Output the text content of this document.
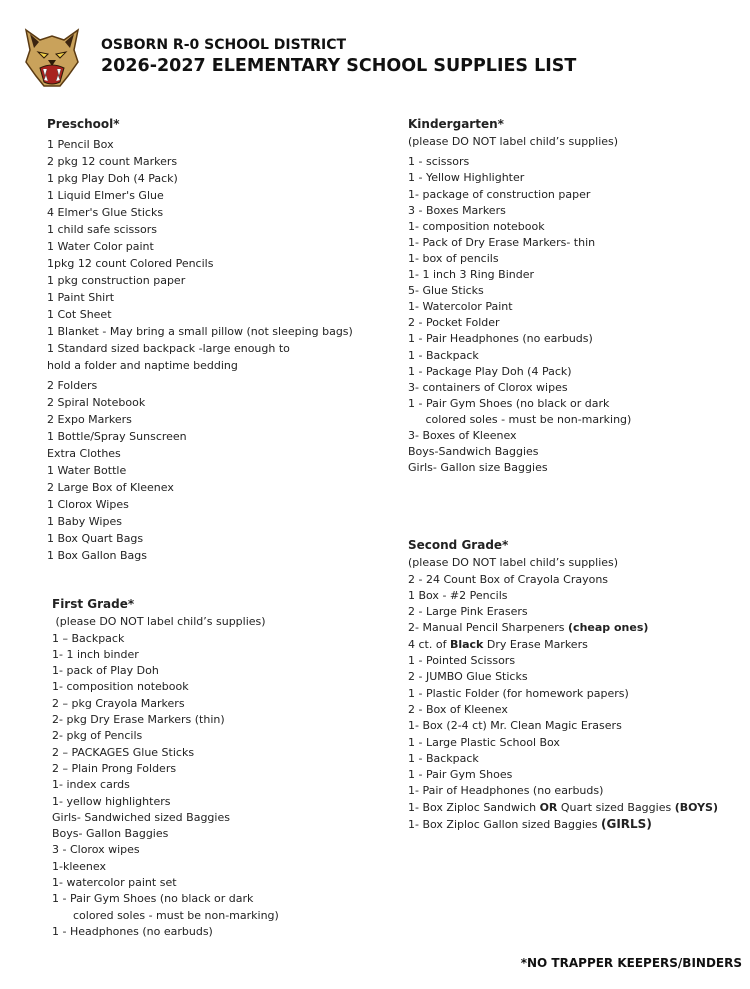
OSBORN R-0 SCHOOL DISTRICT
2026-2027 ELEMENTARY SCHOOL SUPPLIES LIST
Preschool*
1 Pencil Box
2 pkg 12 count Markers
1 pkg Play Doh (4 Pack)
1 Liquid Elmer's Glue
4 Elmer's Glue Sticks
1 child safe scissors
1 Water Color paint
1pkg 12 count Colored Pencils
1 pkg construction paper
1 Paint Shirt
1 Cot Sheet
1 Blanket - May bring a small pillow (not sleeping bags)
1 Standard sized backpack -large enough to hold a folder and naptime bedding
2 Folders
2 Spiral Notebook
2 Expo Markers
1 Bottle/Spray Sunscreen
Extra Clothes
1 Water Bottle
2 Large Box of Kleenex
1 Clorox Wipes
1 Baby Wipes
1 Box Quart Bags
1 Box Gallon Bags
Kindergarten*
(please DO NOT label child’s supplies)
1 - scissors
1 - Yellow Highlighter
1- package of construction paper
3 - Boxes Markers
1- composition notebook
1- Pack of Dry Erase Markers- thin
1- box of pencils
1- 1 inch 3 Ring Binder
5- Glue Sticks
1- Watercolor Paint
2 - Pocket Folder
1 - Pair Headphones (no earbuds)
1 - Backpack
1 - Package Play Doh (4 Pack)
3- containers of Clorox wipes
1 - Pair Gym Shoes (no black or dark
colored soles - must be non-marking)
3- Boxes of Kleenex
Boys-Sandwich Baggies
Girls- Gallon size Baggies
First Grade*
(please DO NOT label child’s supplies)
1 – Backpack
1- 1 inch binder
1- pack of Play Doh
1- composition notebook
2 – pkg Crayola Markers
2- pkg Dry Erase Markers (thin)
2- pkg of Pencils
2 – PACKAGES Glue Sticks
2 – Plain Prong Folders
1- index cards
1- yellow highlighters
Girls- Sandwiched sized Baggies
Boys- Gallon Baggies
3 - Clorox wipes
1-kleenex
1- watercolor paint set
1 - Pair Gym Shoes (no black or dark
colored soles - must be non-marking)
1 - Headphones (no earbuds)
Second Grade*
(please DO NOT label child’s supplies)
2 - 24 Count Box of Crayola Crayons
1 Box - #2 Pencils
2 - Large Pink Erasers
2- Manual Pencil Sharpeners (cheap ones)
4 ct. of Black Dry Erase Markers
1 - Pointed Scissors
2 - JUMBO Glue Sticks
1 - Plastic Folder (for homework papers)
2 - Box of Kleenex
1- Box (2-4 ct) Mr. Clean Magic Erasers
1 - Large Plastic School Box
1 - Backpack
1 - Pair Gym Shoes
1- Pair of Headphones (no earbuds)
1- Box Ziploc Sandwich OR Quart sized Baggies (BOYS)
1- Box Ziploc Gallon sized Baggies (GIRLS)
*NO TRAPPER KEEPERS/BINDERS
